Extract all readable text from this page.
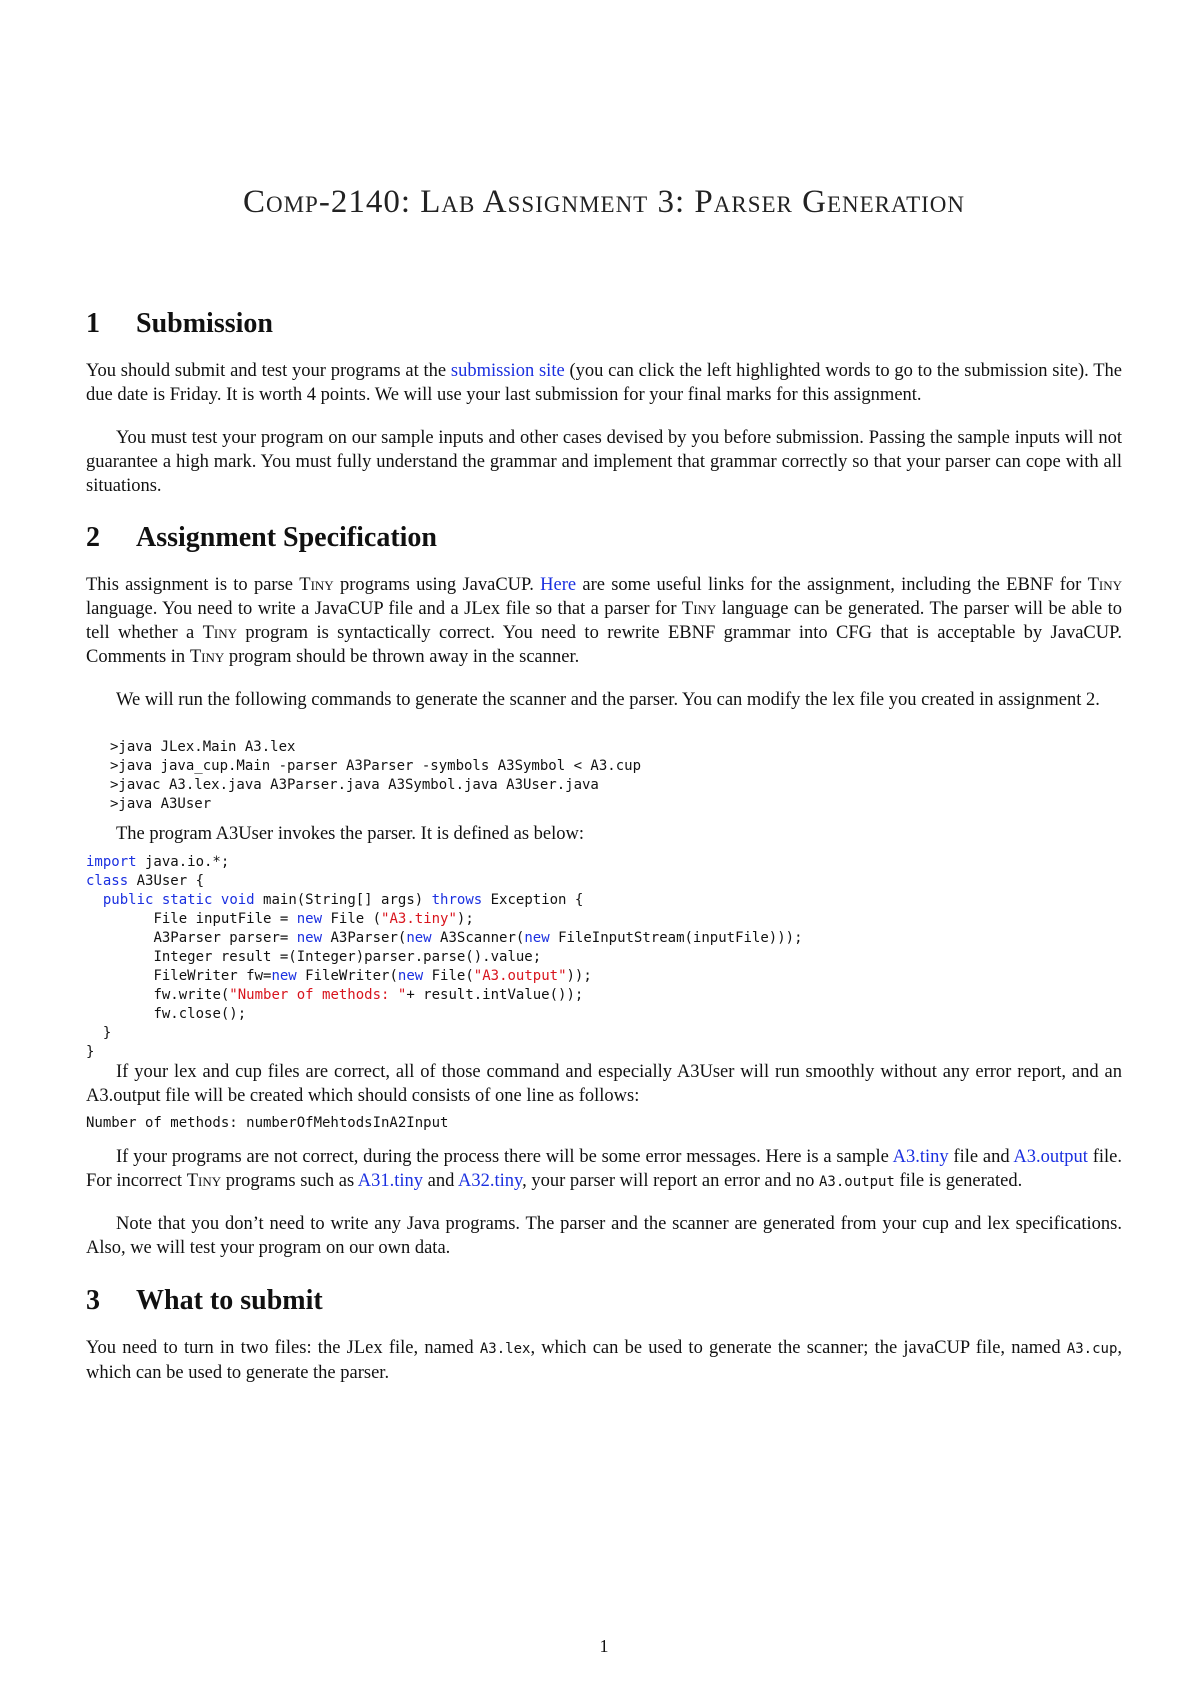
Comp-2140: Lab Assignment 3: Parser Generation
1 Submission

You should submit and test your programs at the submission site (you can click the left highlighted words to go to the submission site). The due date is Friday. It is worth 4 points. We will use your last submission for your final marks for this assignment.

You must test your program on our sample inputs and other cases devised by you before submission. Passing the sample inputs will not guarantee a high mark. You must fully understand the grammar and implement that grammar correctly so that your parser can cope with all situations.

2 Assignment Specification

This assignment is to parse Tiny programs using JavaCUP. Here are some useful links for the assignment, including the EBNF for Tiny language. You need to write a JavaCUP file and a JLex file so that a parser for Tiny language can be generated. The parser will be able to tell whether a Tiny program is syntactically correct. You need to rewrite EBNF grammar into CFG that is acceptable by JavaCUP. Comments in Tiny program should be thrown away in the scanner.

We will run the following commands to generate the scanner and the parser. You can modify the lex file you created in assignment 2.

>java JLex.Main A3.lex
>java java_cup.Main -parser A3Parser -symbols A3Symbol < A3.cup
>javac A3.lex.java A3Parser.java A3Symbol.java A3User.java
>java A3User

The program A3User invokes the parser. It is defined as below:

import java.io.*;
class A3User {
public static void main(String[] args) throws Exception {
File inputFile = new File ("A3.tiny");
A3Parser parser= new A3Parser(new A3Scanner(new FileInputStream(inputFile)));
Integer result =(Integer)parser.parse().value;
FileWriter fw=new FileWriter(new File("A3.output"));
fw.write("Number of methods: "+ result.intValue());
fw.close();
}
}

If your lex and cup files are correct, all of those command and especially A3User will run smoothly without any error report, and an A3.output file will be created which should consists of one line as follows:

Number of methods: numberOfMehtodsInA2Input

If your programs are not correct, during the process there will be some error messages. Here is a sample A3.tiny file and A3.output file. For incorrect Tiny programs such as A31.tiny and A32.tiny, your parser will report an error and no A3.output file is generated.

Note that you don’t need to write any Java programs. The parser and the scanner are generated from your cup and lex specifications. Also, we will test your program on our own data.

3 What to submit

You need to turn in two files: the JLex file, named A3.lex, which can be used to generate the scanner; the javaCUP file, named A3.cup, which can be used to generate the parser.

1
